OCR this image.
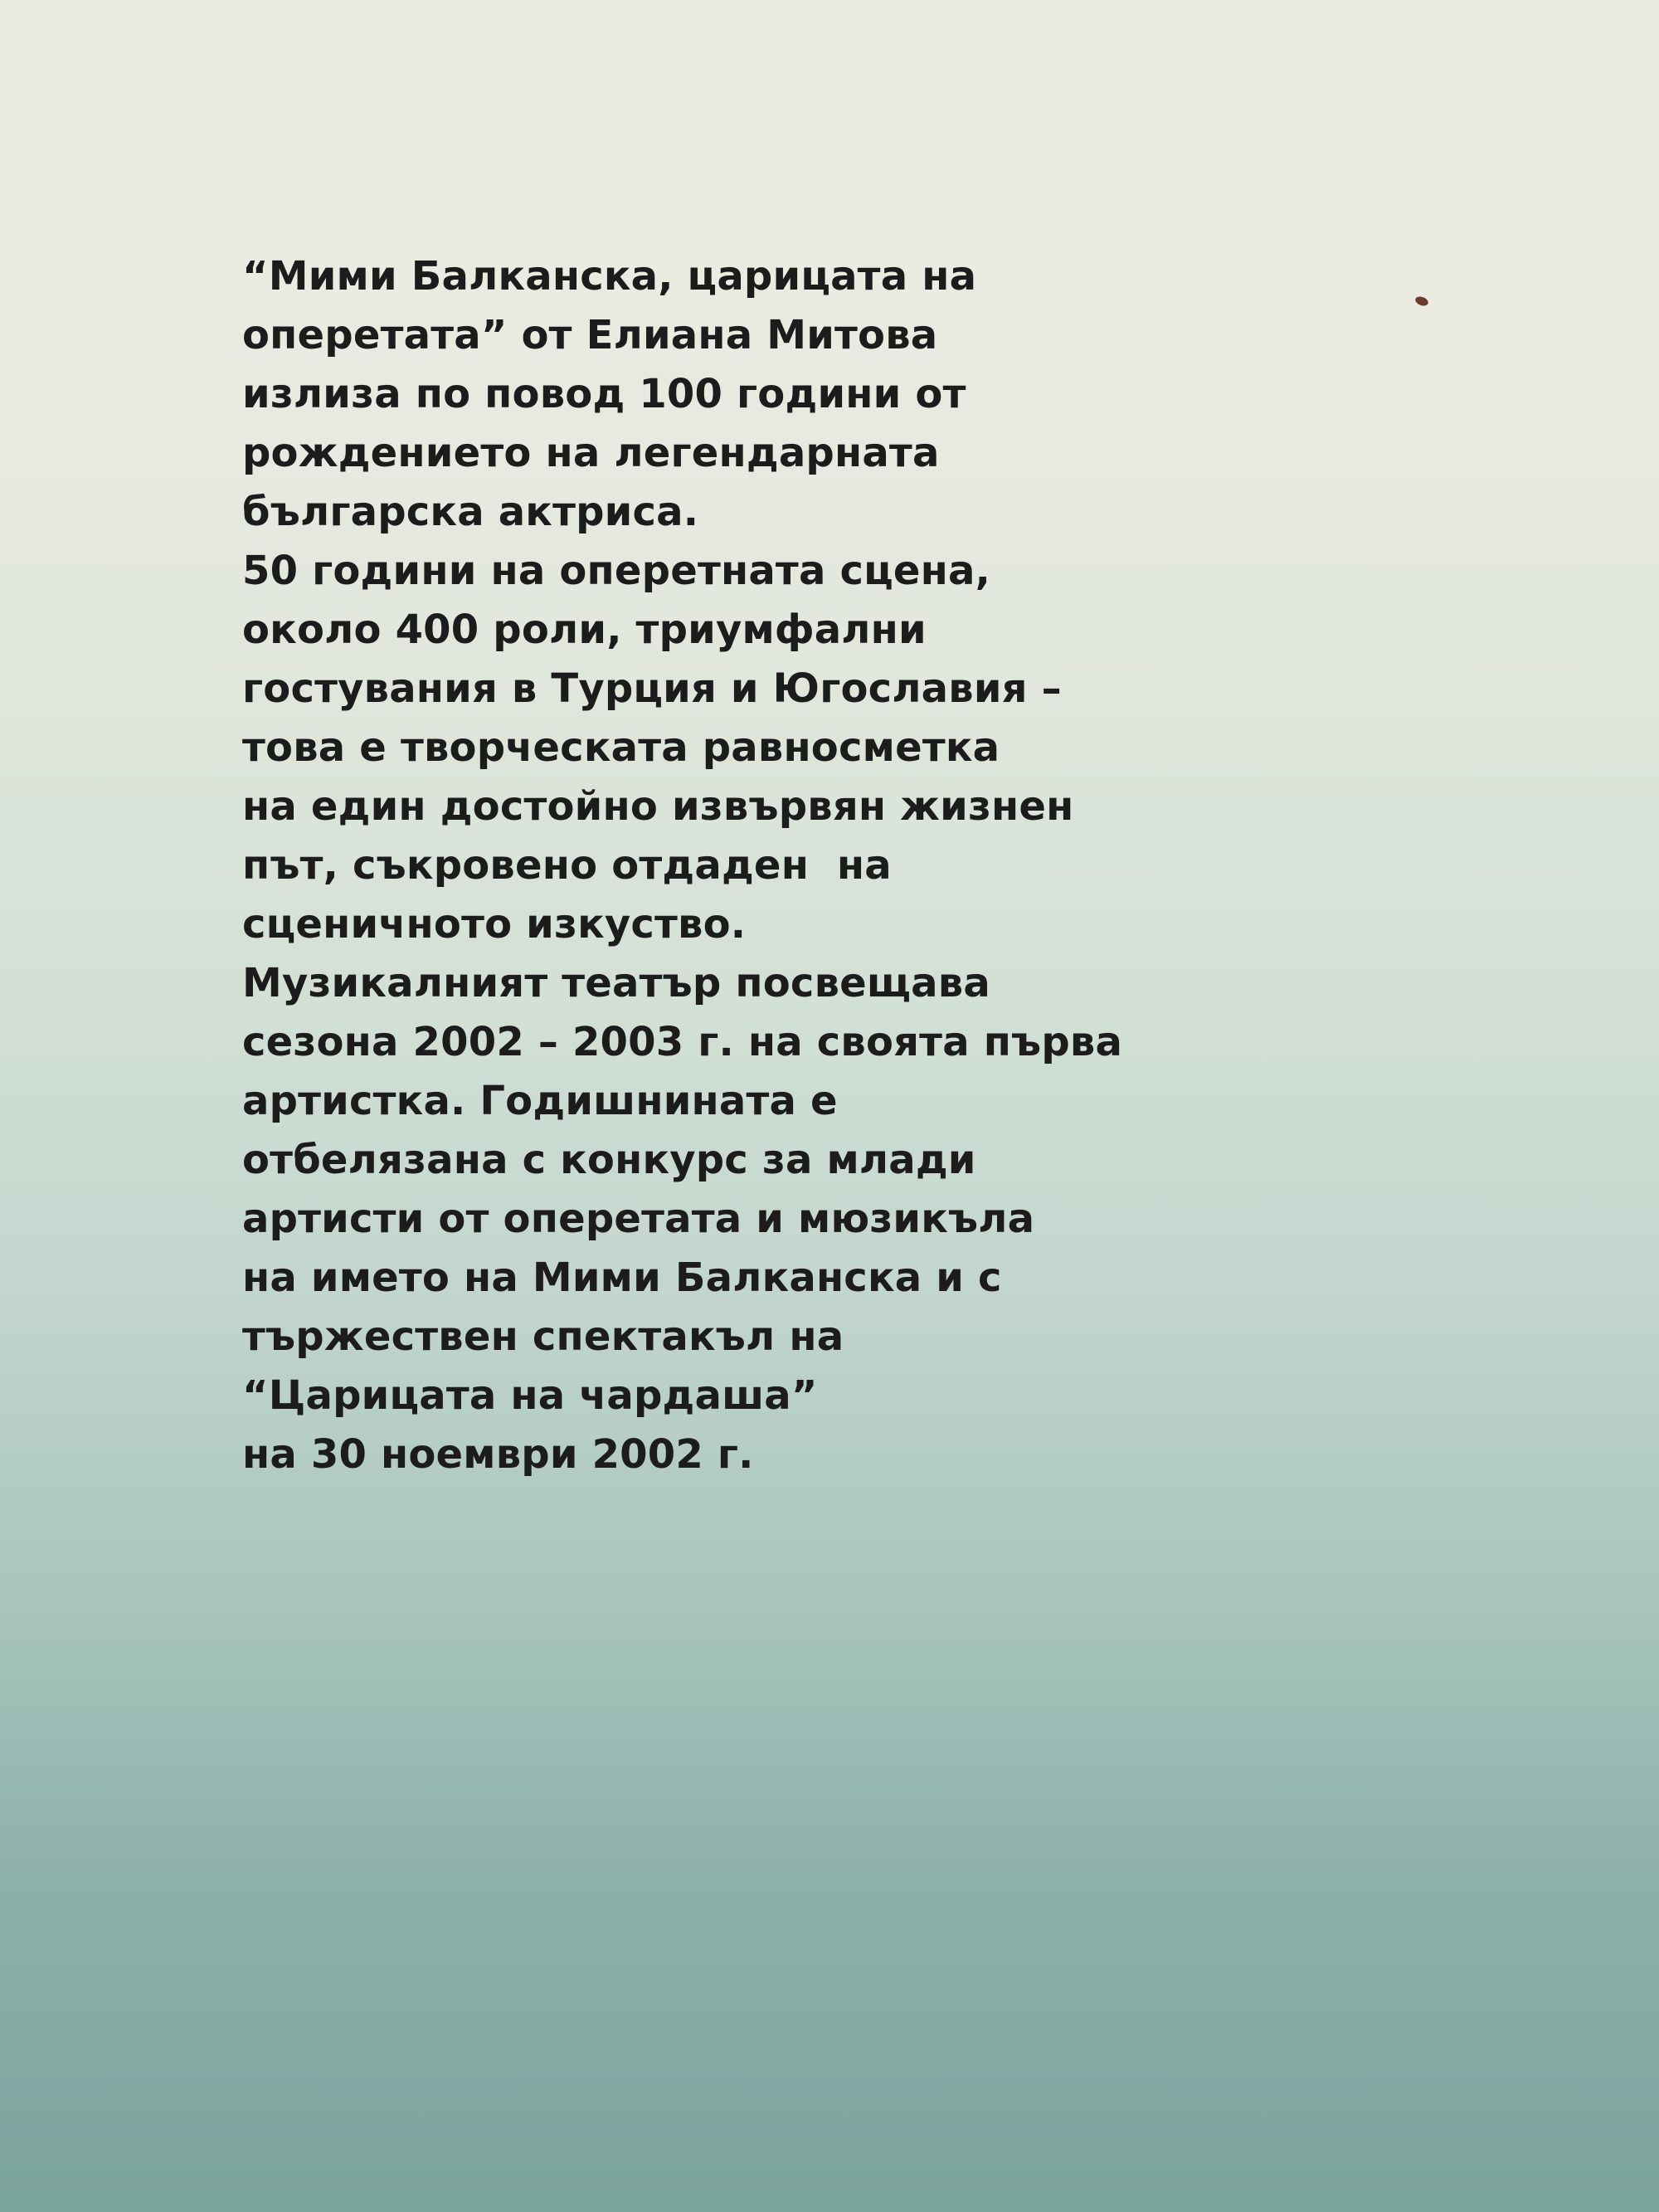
“Мими Балканска, царицата на
оперетата” от Елиана Митова
излиза по повод 100 години от
рождението на легендарната
българска актриса.
50 години на оперетната сцена,
около 400 роли, триумфални
гостувания в Турция и Югославия –
това е творческата равносметка
на един достойно извървян жизнен
път, съкровено отдаден  на
сценичното изкуство.
Музикалният театър посвещава
сезона 2002 – 2003 г. на своята първа
артистка. Годишнината е
отбелязана с конкурс за млади
артисти от оперетата и мюзикъла
на името на Мими Балканска и с
тържествен спектакъл на
“Царицата на чардаша”
на 30 ноември 2002 г.
